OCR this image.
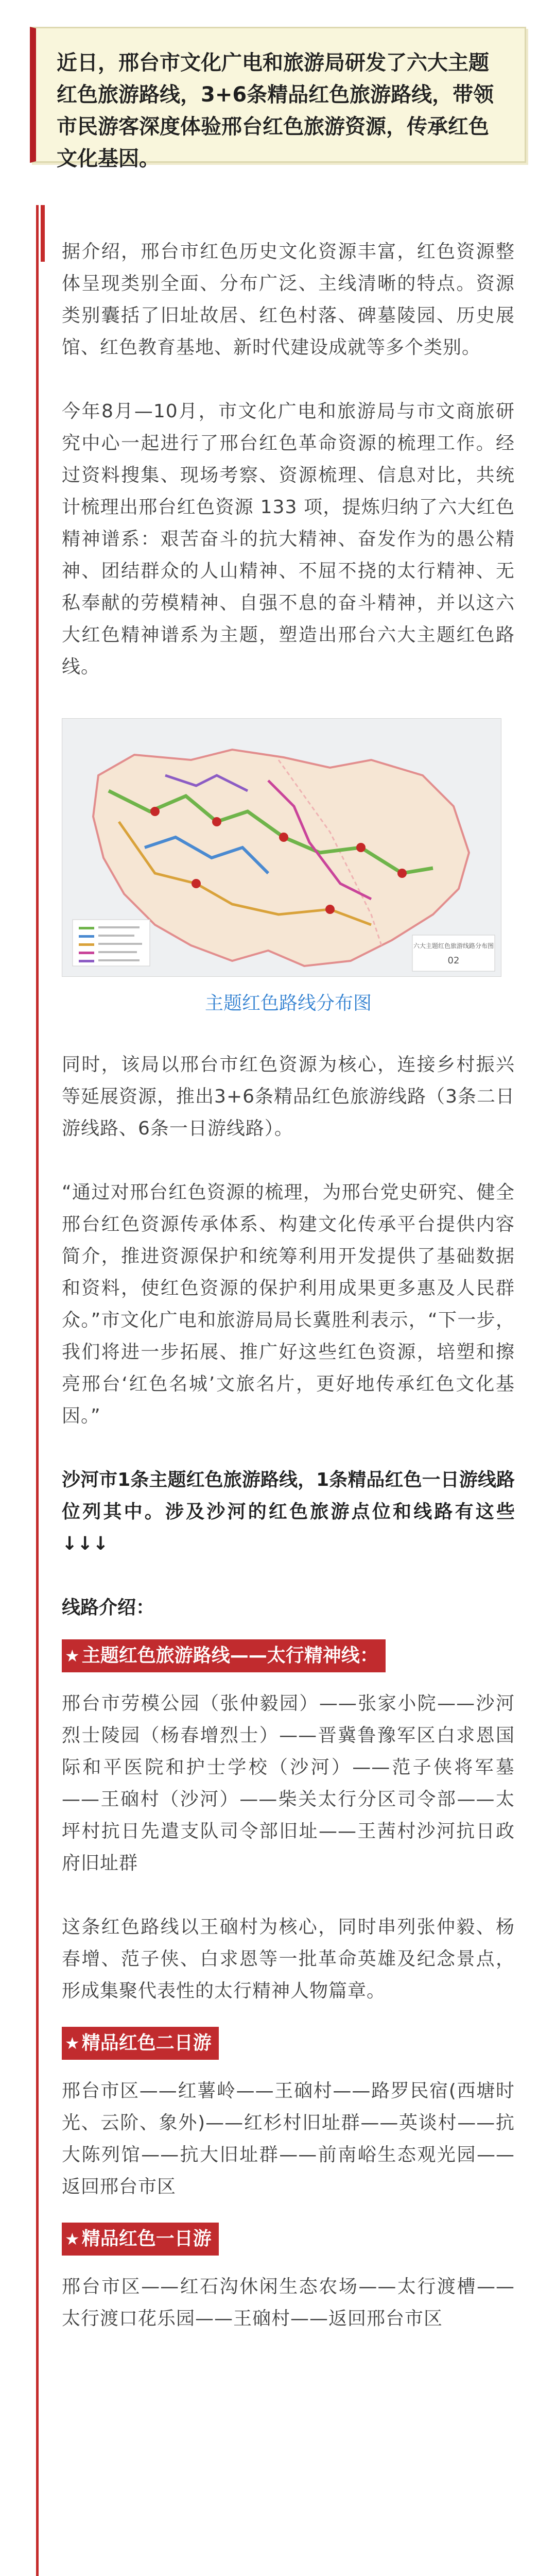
近日，邢台市文化广电和旅游局研发了六大主题红色旅游路线，3+6条精品红色旅游路线，带领市民游客深度体验邢台红色旅游资源，传承红色文化基因。

据介绍，邢台市红色历史文化资源丰富，红色资源整体呈现类别全面、分布广泛、主线清晰的特点。资源类别囊括了旧址故居、红色村落、碑墓陵园、历史展馆、红色教育基地、新时代建设成就等多个类别。

今年8月—10月，市文化广电和旅游局与市文商旅研究中心一起进行了邢台红色革命资源的梳理工作。经过资料搜集、现场考察、资源梳理、信息对比，共统计梳理出邢台红色资源 133 项，提炼归纳了六大红色精神谱系：艰苦奋斗的抗大精神、奋发作为的愚公精神、团结群众的人山精神、不屈不挠的太行精神、无私奉献的劳模精神、自强不息的奋斗精神，并以这六大红色精神谱系为主题，塑造出邢台六大主题红色路线。

六大主题红色旅游线路分布图
02

主题红色路线分布图

同时，该局以邢台市红色资源为核心，连接乡村振兴等延展资源，推出3+6条精品红色旅游线路（3条二日游线路、6条一日游线路）。

“通过对邢台红色资源的梳理，为邢台党史研究、健全邢台红色资源传承体系、构建文化传承平台提供内容简介，推进资源保护和统筹利用开发提供了基础数据和资料，使红色资源的保护利用成果更多惠及人民群众。”市文化广电和旅游局局长冀胜利表示，“下一步，我们将进一步拓展、推广好这些红色资源，培塑和擦亮邢台‘红色名城’文旅名片，更好地传承红色文化基因。”

沙河市1条主题红色旅游路线，1条精品红色一日游线路位列其中。涉及沙河的红色旅游点位和线路有这些↓↓↓

线路介绍：

★ 主题红色旅游路线——太行精神线：

邢台市劳模公园（张仲毅园）——张家小院——沙河烈士陵园（杨春增烈士）——晋冀鲁豫军区白求恩国际和平医院和护士学校（沙河）——范子侠将军墓——王硇村（沙河）——柴关太行分区司令部——太坪村抗日先遣支队司令部旧址——王茜村沙河抗日政府旧址群

这条红色路线以王硇村为核心，同时串列张仲毅、杨春增、范子侠、白求恩等一批革命英雄及纪念景点，形成集聚代表性的太行精神人物篇章。

★ 精品红色二日游

邢台市区——红薯岭——王硇村——路罗民宿(西塘时光、云阶、象外)——红杉村旧址群——英谈村——抗大陈列馆——抗大旧址群——前南峪生态观光园——返回邢台市区

★ 精品红色一日游

邢台市区——红石沟休闲生态农场——太行渡槽——太行渡口花乐园——王硇村——返回邢台市区
